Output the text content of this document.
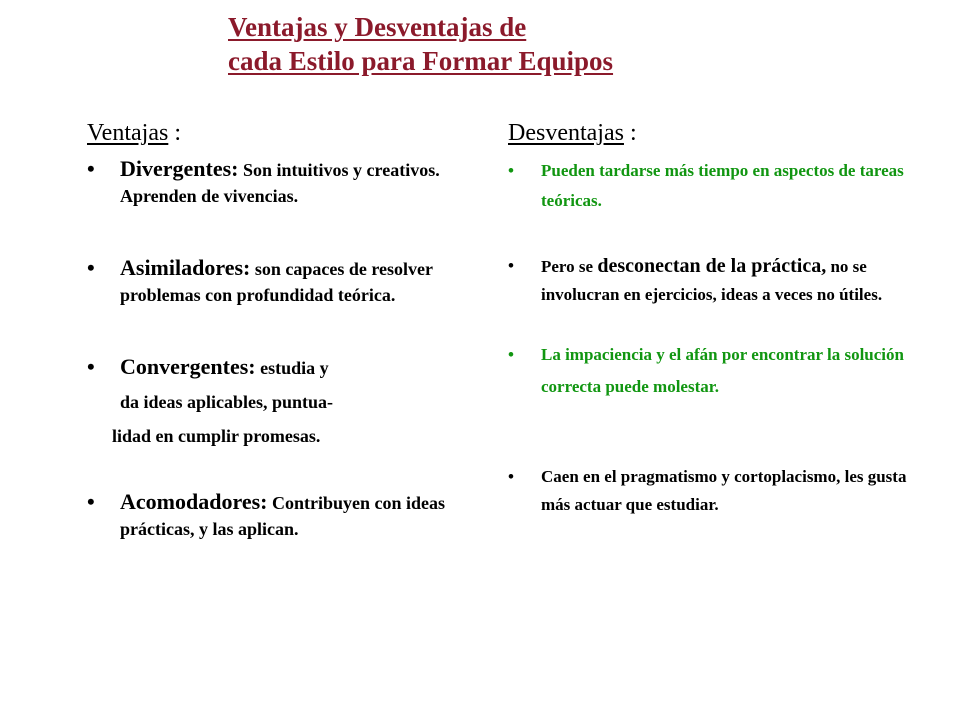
Ventajas y Desventajas de
cada Estilo para Formar Equipos
Ventajas :
• Divergentes: Son intuitivos y creativos. Aprenden de vivencias.
• Asimiladores: son capaces de resolver problemas con profundidad teórica.
• Convergentes: estudia y
da ideas aplicables, puntua-
lidad en cumplir promesas.
• Acomodadores: Contribuyen con ideas prácticas, y las aplican.
Desventajas :
• Pueden tardarse más tiempo en aspectos de tareas teóricas.
• Pero se desconectan de la práctica, no se involucran en ejercicios, ideas a veces no útiles.
• La impaciencia y el afán por encontrar la solución correcta puede molestar.
• Caen en el pragmatismo y cortoplacismo, les gusta más actuar que estudiar.
